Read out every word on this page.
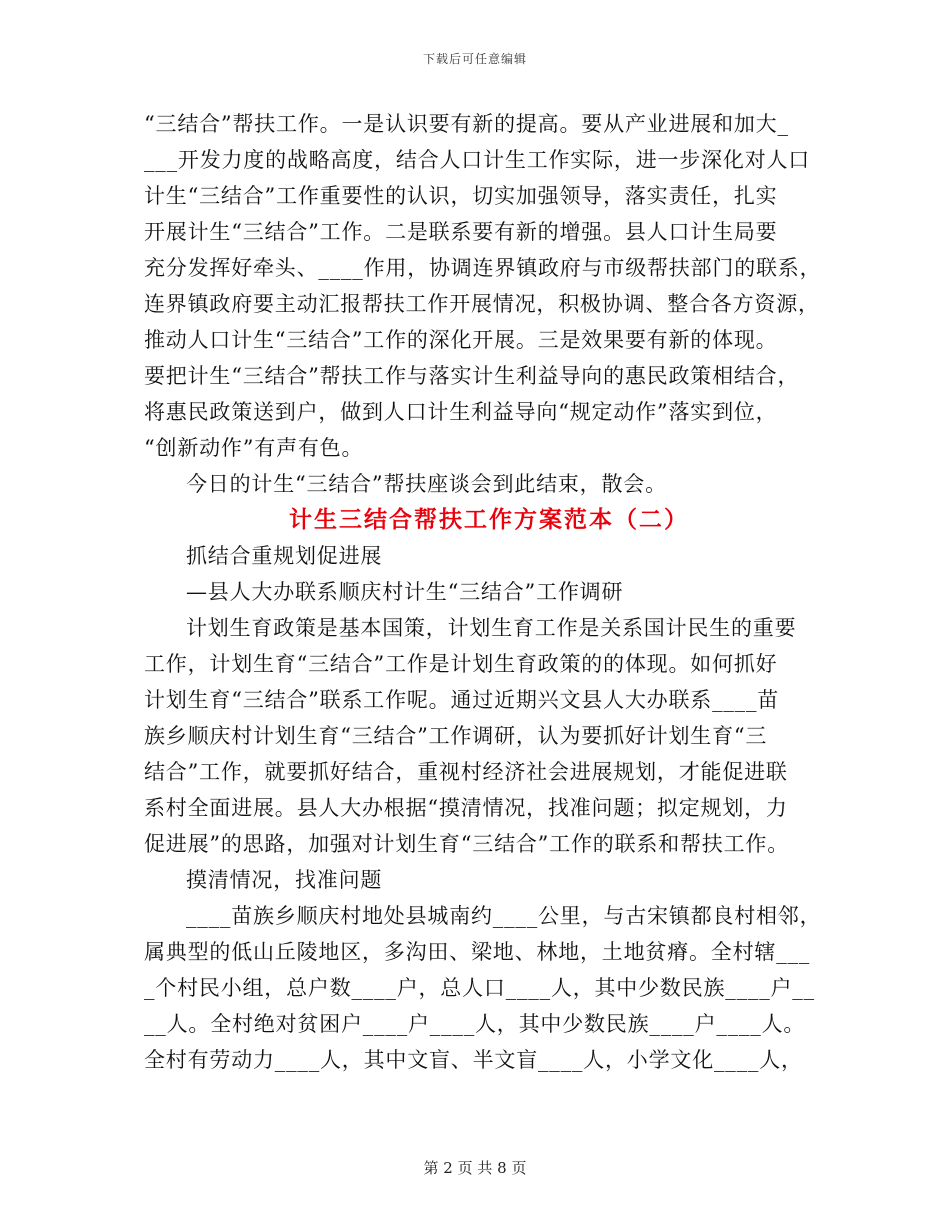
下载后可任意编辑
“三结合”帮扶工作。一是认识要有新的提高。要从产业进展和加大_
___开发力度的战略高度，结合人口计生工作实际，进一步深化对人口
计生“三结合”工作重要性的认识，切实加强领导，落实责任，扎实
开展计生“三结合”工作。二是联系要有新的增强。县人口计生局要
充分发挥好牵头、____作用，协调连界镇政府与市级帮扶部门的联系，
连界镇政府要主动汇报帮扶工作开展情况，积极协调、整合各方资源，
推动人口计生“三结合”工作的深化开展。三是效果要有新的体现。
要把计生“三结合”帮扶工作与落实计生利益导向的惠民政策相结合，
将惠民政策送到户，做到人口计生利益导向“规定动作”落实到位，
“创新动作”有声有色。
今日的计生“三结合”帮扶座谈会到此结束，散会。
计生三结合帮扶工作方案范本（二）
抓结合重规划促进展
—县人大办联系顺庆村计生“三结合”工作调研
计划生育政策是基本国策，计划生育工作是关系国计民生的重要
工作，计划生育“三结合”工作是计划生育政策的的体现。如何抓好
计划生育“三结合”联系工作呢。通过近期兴文县人大办联系____苗
族乡顺庆村计划生育“三结合”工作调研，认为要抓好计划生育“三
结合”工作，就要抓好结合，重视村经济社会进展规划，才能促进联
系村全面进展。县人大办根据“摸清情况，找准问题；拟定规划，力
促进展”的思路，加强对计划生育“三结合”工作的联系和帮扶工作。
摸清情况，找准问题
____苗族乡顺庆村地处县城南约____公里，与古宋镇都良村相邻，
属典型的低山丘陵地区，多沟田、梁地、林地，土地贫瘠。全村辖___
_个村民小组，总户数____户，总人口____人，其中少数民族____户__
__人。全村绝对贫困户____户____人，其中少数民族____户____人。
全村有劳动力____人，其中文盲、半文盲____人，小学文化____人，
第 2 页 共 8 页
